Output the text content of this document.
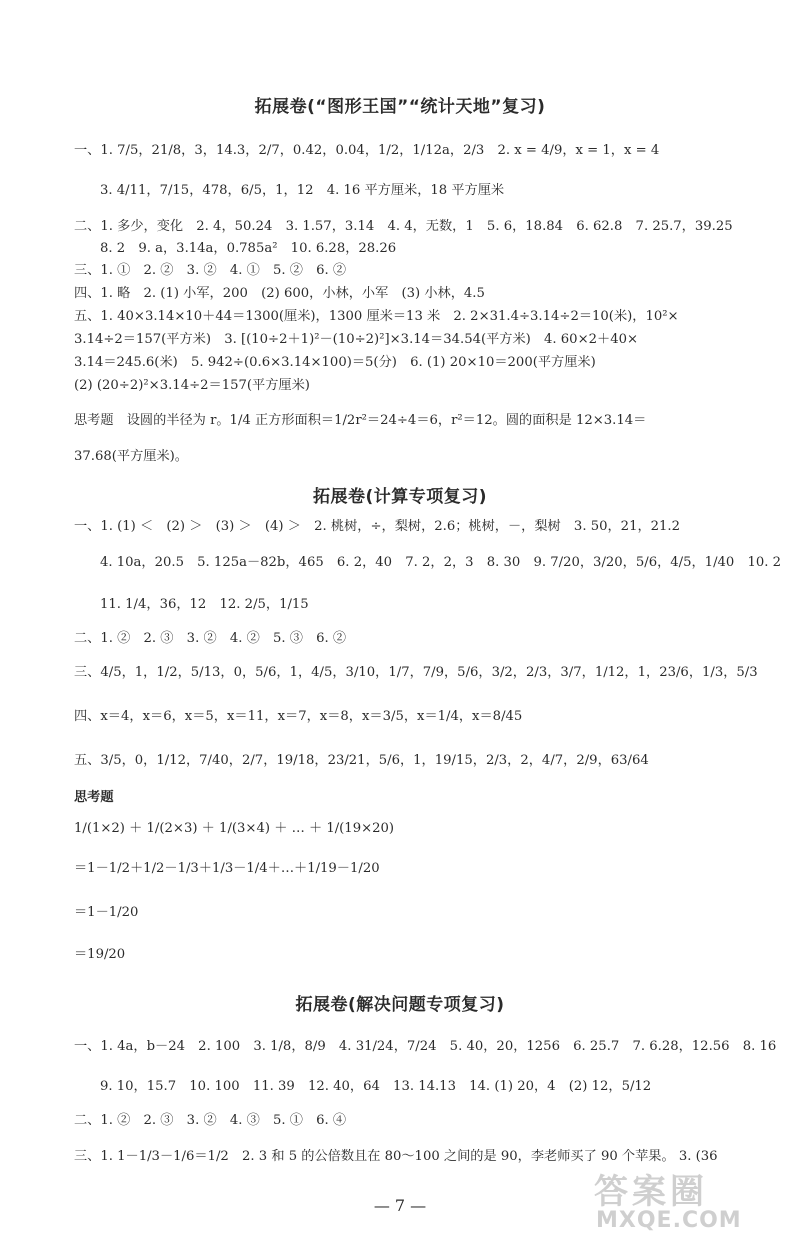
拓展卷(“图形王国”“统计天地”复习)
一、1. 7/5，21/8，3，14.3，2/7，0.42，0.04，1/2，1/12a，2/3　2. x = 4/9，x = 1，x = 4
3. 4/11，7/15，478，6/5，1，12　4. 16 平方厘米，18 平方厘米
二、1. 多少，变化　2. 4，50.24　3. 1.57，3.14　4. 4，无数，1　5. 6，18.84　6. 62.8　7. 25.7，39.25
8. 2　9. a，3.14a，0.785a²　10. 6.28，28.26
三、1. ①　2. ②　3. ②　4. ①　5. ②　6. ②
四、1. 略　2. (1) 小军，200　(2) 600，小林，小军　(3) 小林，4.5
五、1. 40×3.14×10＋44＝1300(厘米)，1300 厘米＝13 米　2. 2×31.4÷3.14÷2＝10(米)，10²×
3.14÷2＝157(平方米)　3. [(10÷2＋1)²－(10÷2)²]×3.14＝34.54(平方米)　4. 60×2＋40×
3.14＝245.6(米)　5. 942÷(0.6×3.14×100)＝5(分)　6. (1) 20×10＝200(平方厘米)
(2) (20÷2)²×3.14÷2＝157(平方厘米)
思考题　设圆的半径为 r。1/4 正方形面积＝1/2r²＝24÷4＝6，r²＝12。圆的面积是 12×3.14＝
37.68(平方厘米)。
拓展卷(计算专项复习)
一、1. (1) ＜　(2) ＞　(3) ＞　(4) ＞　2. 桃树，÷，梨树，2.6；桃树，－，梨树　3. 50，21，21.2
4. 10a，20.5　5. 125a－82b，465　6. 2，40　7. 2，2，3　8. 30　9. 7/20，3/20，5/6，4/5，1/40　10. 2
11. 1/4，36，12　12. 2/5，1/15
二、1. ②　2. ③　3. ②　4. ②　5. ③　6. ②
三、4/5，1，1/2，5/13，0，5/6，1，4/5，3/10，1/7，7/9，5/6，3/2，2/3，3/7，1/12，1，23/6，1/3，5/3
四、x＝4，x＝6，x＝5，x＝11，x＝7，x＝8，x＝3/5，x＝1/4，x＝8/45
五、3/5，0，1/12，7/40，2/7，19/18，23/21，5/6，1，19/15，2/3，2，4/7，2/9，63/64
思考题
1/(1×2) ＋ 1/(2×3) ＋ 1/(3×4) ＋ … ＋ 1/(19×20)
＝1－1/2＋1/2－1/3＋1/3－1/4＋…＋1/19－1/20
＝1－1/20
＝19/20
拓展卷(解决问题专项复习)
一、1. 4a，b－24　2. 100　3. 1/8，8/9　4. 31/24，7/24　5. 40，20，1256　6. 25.7　7. 6.28，12.56　8. 16
9. 10，15.7　10. 100　11. 39　12. 40，64　13. 14.13　14. (1) 20，4　(2) 12，5/12
二、1. ②　2. ③　3. ②　4. ③　5. ①　6. ④
三、1. 1－1/3－1/6＝1/2　2. 3 和 5 的公倍数且在 80～100 之间的是 90，李老师买了 90 个苹果。 3. (36
— 7 —	答案圈
MXQE.COM
